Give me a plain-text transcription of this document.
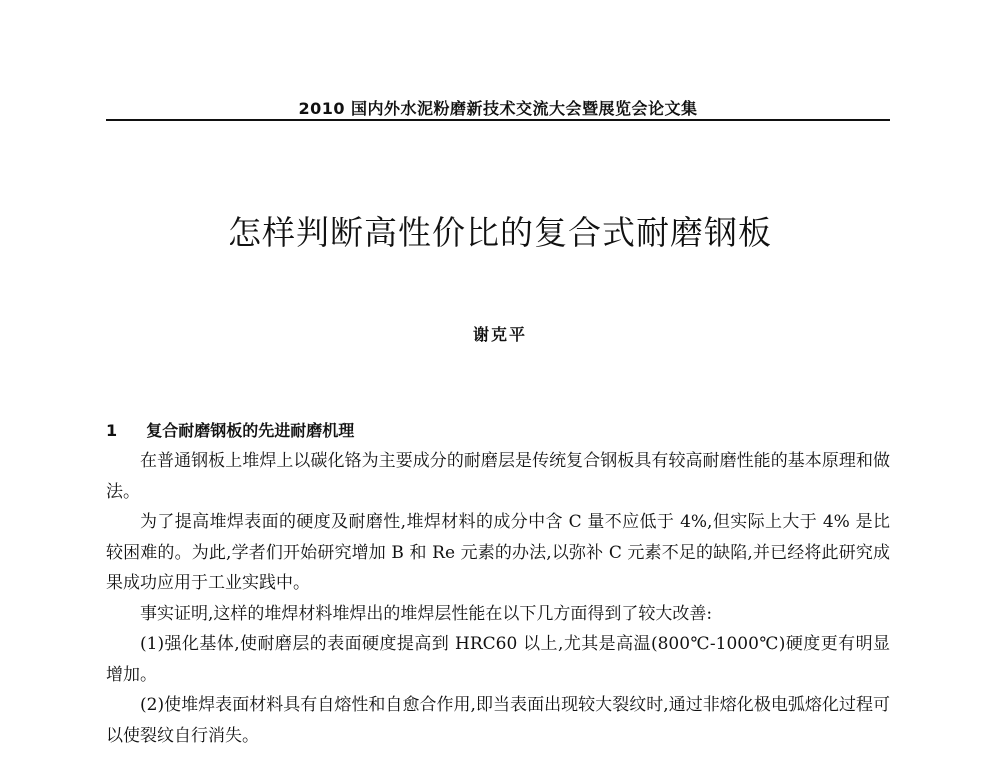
2010 国内外水泥粉磨新技术交流大会暨展览会论文集
怎样判断高性价比的复合式耐磨钢板
谢克平
1 复合耐磨钢板的先进耐磨机理

在普通钢板上堆焊上以碳化铬为主要成分的耐磨层是传统复合钢板具有较高耐磨性能的基本原理和做法。

为了提高堆焊表面的硬度及耐磨性,堆焊材料的成分中含 C 量不应低于 4%,但实际上大于 4% 是比较困难的。为此,学者们开始研究增加 B 和 Re 元素的办法,以弥补 C 元素不足的缺陷,并已经将此研究成果成功应用于工业实践中。

事实证明,这样的堆焊材料堆焊出的堆焊层性能在以下几方面得到了较大改善:

(1)强化基体,使耐磨层的表面硬度提高到 HRC60 以上,尤其是高温(800℃-1000℃)硬度更有明显增加。

(2)使堆焊表面材料具有自熔性和自愈合作用,即当表面出现较大裂纹时,通过非熔化极电弧熔化过程可以使裂纹自行消失。
